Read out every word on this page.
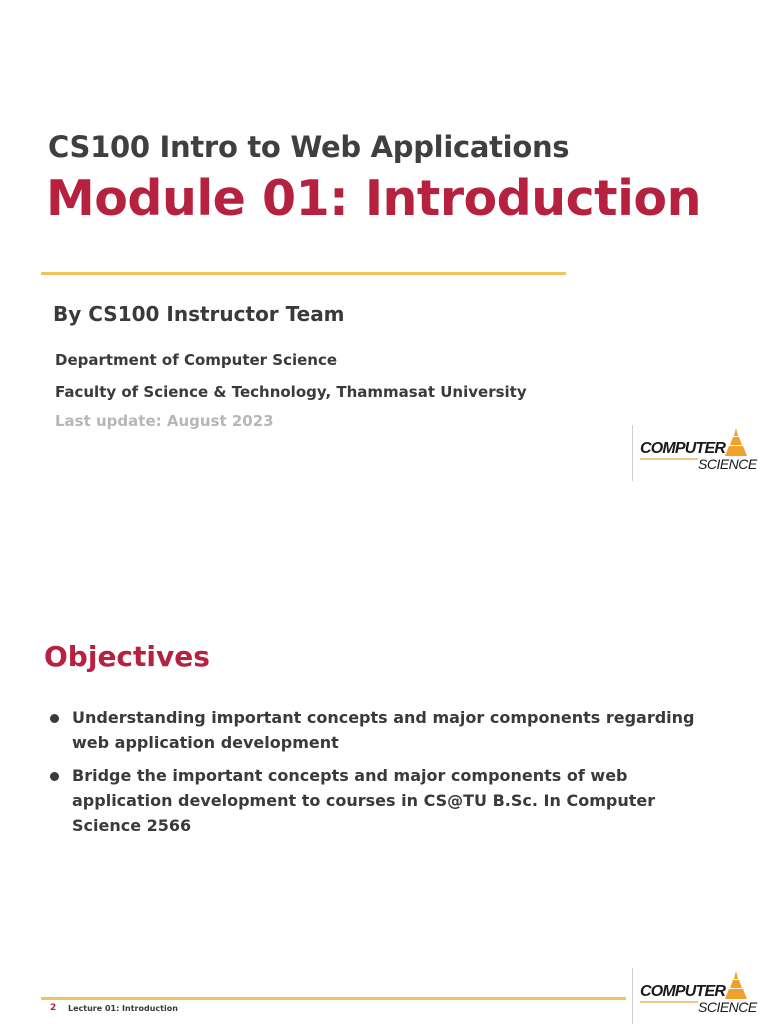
CS100 Intro to Web Applications
Module 01: Introduction
By CS100 Instructor Team
Department of Computer Science
Faculty of Science & Technology, Thammasat University
Last update: August 2023
COMPUTER
SCIENCE
Objectives
Understanding important concepts and major components regarding web application development
Bridge the important concepts and major components of web application development to courses in CS@TU B.Sc. In Computer Science 2566
COMPUTER
SCIENCE
2 Lecture 01: Introduction
